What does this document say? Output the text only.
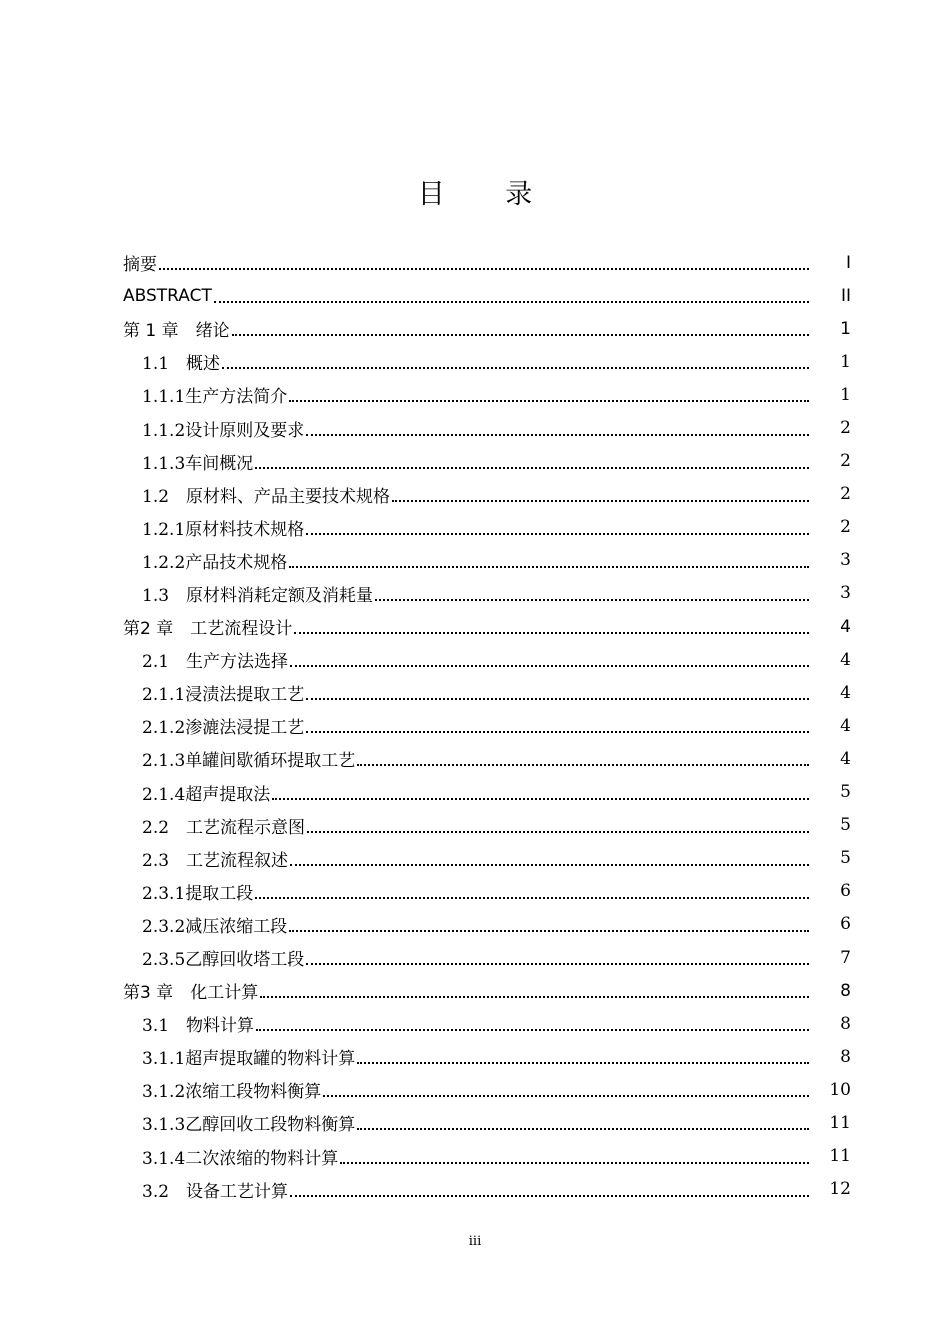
目 录
摘要	I
ABSTRACT	II
第 1 章　绪论	1
1.1　概述	1
1.1.1生产方法简介	1
1.1.2设计原则及要求	2
1.1.3车间概况	2
1.2　原材料、产品主要技术规格	2
1.2.1原材料技术规格	2
1.2.2产品技术规格	3
1.3　原材料消耗定额及消耗量	3
第2 章　工艺流程设计	4
2.1　生产方法选择	4
2.1.1浸渍法提取工艺	4
2.1.2渗漉法浸提工艺	4
2.1.3单罐间歇循环提取工艺	4
2.1.4超声提取法	5
2.2　工艺流程示意图	5
2.3　工艺流程叙述	5
2.3.1提取工段	6
2.3.2减压浓缩工段	6
2.3.5乙醇回收塔工段	7
第3 章　化工计算	8
3.1　物料计算	8
3.1.1超声提取罐的物料计算	8
3.1.2浓缩工段物料衡算	10
3.1.3乙醇回收工段物料衡算	11
3.1.4二次浓缩的物料计算	11
3.2　设备工艺计算	12
iii
